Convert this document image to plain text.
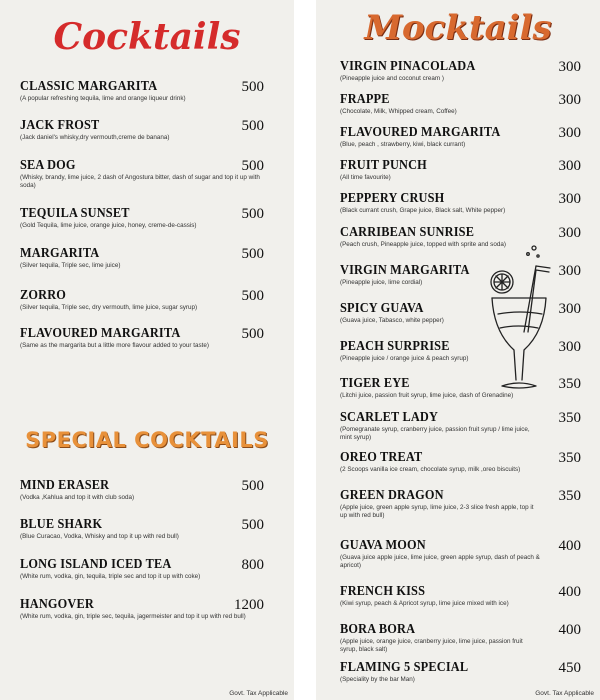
Cocktails
CLASSIC MARGARITA	500
(A popular refreshing tequila, lime and orange liqueur drink)
JACK FROST	500
(Jack daniel's whisky,dry vermouth,creme de banana)
SEA DOG	500
(Whisky, brandy, lime juice, 2 dash of Angostura bitter, dash of sugar and top it up with soda)
TEQUILA SUNSET	500
(Gold Tequila, lime juice, orange juice, honey, creme-de-cassis)
MARGARITA	500
(Silver tequila, Triple sec, lime juice)
ZORRO	500
(Silver tequila, Triple sec, dry vermouth, lime juice, sugar syrup)
FLAVOURED MARGARITA	500
(Same as the margarita but a little more flavour added to your taste)
SPECIAL COCKTAILS
MIND ERASER	500
(Vodka ,Kahlua and top it with club soda)
BLUE SHARK	500
(Blue Curacao, Vodka, Whisky and top it up with red bull)
LONG ISLAND ICED TEA	800
(White rum, vodka, gin, tequila, triple sec and top it up with coke)
HANGOVER	1200
(White rum, vodka, gin, triple sec, tequila, jagermeister and top it up with red bull)
Govt. Tax Applicable
Mocktails
VIRGIN PINACOLADA	300
(Pineapple juice and coconut cream )
FRAPPE	300
(Chocolate, Milk, Whipped cream, Coffee)
FLAVOURED MARGARITA	300
(Blue, peach , strawberry, kiwi, black currant)
FRUIT PUNCH	300
(All time favourite)
PEPPERY CRUSH	300
(Black currant crush, Grape juice, Black salt, White pepper)
CARRIBEAN SUNRISE	300
(Peach crush, Pineapple juice, topped with sprite and soda)
VIRGIN MARGARITA	300
(Pineapple juice, lime cordial)
SPICY GUAVA	300
(Guava juice, Tabasco, white pepper)
PEACH SURPRISE	300
(Pineapple juice / orange juice & peach syrup)
TIGER EYE	350
(Litchi juice, passion fruit syrup, lime juice, dash of Grenadine)
SCARLET LADY	350
(Pomegranate syrup, cranberry juice, passion fruit syrup / lime juice, mint syrup)
OREO TREAT	350
(2 Scoops vanilla ice cream, chocolate syrup, milk ,oreo biscuits)
GREEN DRAGON	350
(Apple juice, green apple syrup, lime juice, 2-3 slice fresh apple, top it up with red bull)
GUAVA MOON	400
(Guava juice apple juice, lime juice, green apple syrup, dash of peach & apricot)
FRENCH KISS	400
(Kiwi syrup, peach & Apricot syrup, lime juice mixed with ice)
BORA BORA	400
(Apple juice, orange juice, cranberry juice, lime juice, passion fruit syrup, black salt)
FLAMING 5 SPECIAL	450
(Speciality by the bar Man)
Govt. Tax Applicable
